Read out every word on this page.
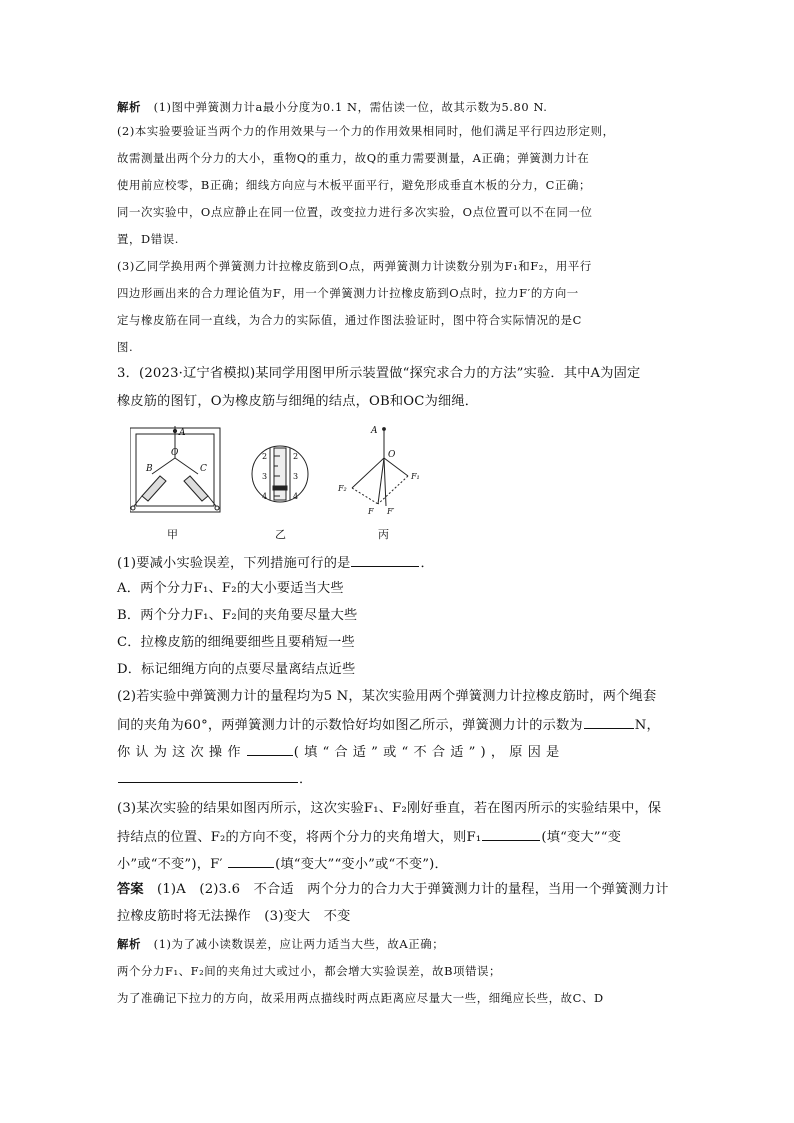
解析 (1)图中弹簧测力计a最小分度为0.1 N，需估读一位，故其示数为5.80 N.
(2)本实验要验证当两个力的作用效果与一个力的作用效果相同时，他们满足平行四边形定则，
故需测量出两个分力的大小，重物Q的重力，故Q的重力需要测量，A正确；弹簧测力计在
使用前应校零，B正确；细线方向应与木板平面平行，避免形成垂直木板的分力，C正确；
同一次实验中，O点应静止在同一位置，改变拉力进行多次实验，O点位置可以不在同一位
置，D错误.
(3)乙同学换用两个弹簧测力计拉橡皮筋到O点，两弹簧测力计读数分别为F₁和F₂，用平行
四边形画出来的合力理论值为F，用一个弹簧测力计拉橡皮筋到O点时，拉力F′的方向一
定与橡皮筋在同一直线，为合力的实际值，通过作图法验证时，图中符合实际情况的是C
图.
3．(2023·辽宁省模拟)某同学用图甲所示装置做“探究求合力的方法”实验．其中A为固定
橡皮筋的图钉，O为橡皮筋与细绳的结点，OB和OC为细绳．
(1)要减小实验误差，下列措施可行的是	．
A．两个分力F₁、F₂的大小要适当大些
B．两个分力F₁、F₂间的夹角要尽量大些
C．拉橡皮筋的细绳要细些且要稍短一些
D．标记细绳方向的点要尽量离结点近些
(2)若实验中弹簧测力计的量程均为5 N，某次实验用两个弹簧测力计拉橡皮筋时，两个绳套
间的夹角为60°，两弹簧测力计的示数恰好均如图乙所示，弹簧测力计的示数为	N，
你认为这次操作	(填“合适”或“不合适”)，原因是
．
(3)某次实验的结果如图丙所示，这次实验F₁、F₂刚好垂直，若在图丙所示的实验结果中，保
持结点的位置、F₂的方向不变，将两个分力的夹角增大，则F₁	(填“变大”“变
小”或“不变”)，F′	(填“变大”“变小”或“不变”)．
答案 (1)A　(2)3.6　不合适　两个分力的合力大于弹簧测力计的量程，当用一个弹簧测力计
拉橡皮筋时将无法操作　(3)变大　不变
解析 (1)为了减小读数误差，应让两力适当大些，故A正确；
两个分力F₁、F₂间的夹角过大或过小，都会增大实验误差，故B项错误；
为了准确记下拉力的方向，故采用两点描线时两点距离应尽量大一些，细绳应长些，故C、D
A
O
B	C
甲
2	2
3	3
4	4
乙
A
O
F₁
F₂
F F′
丙
